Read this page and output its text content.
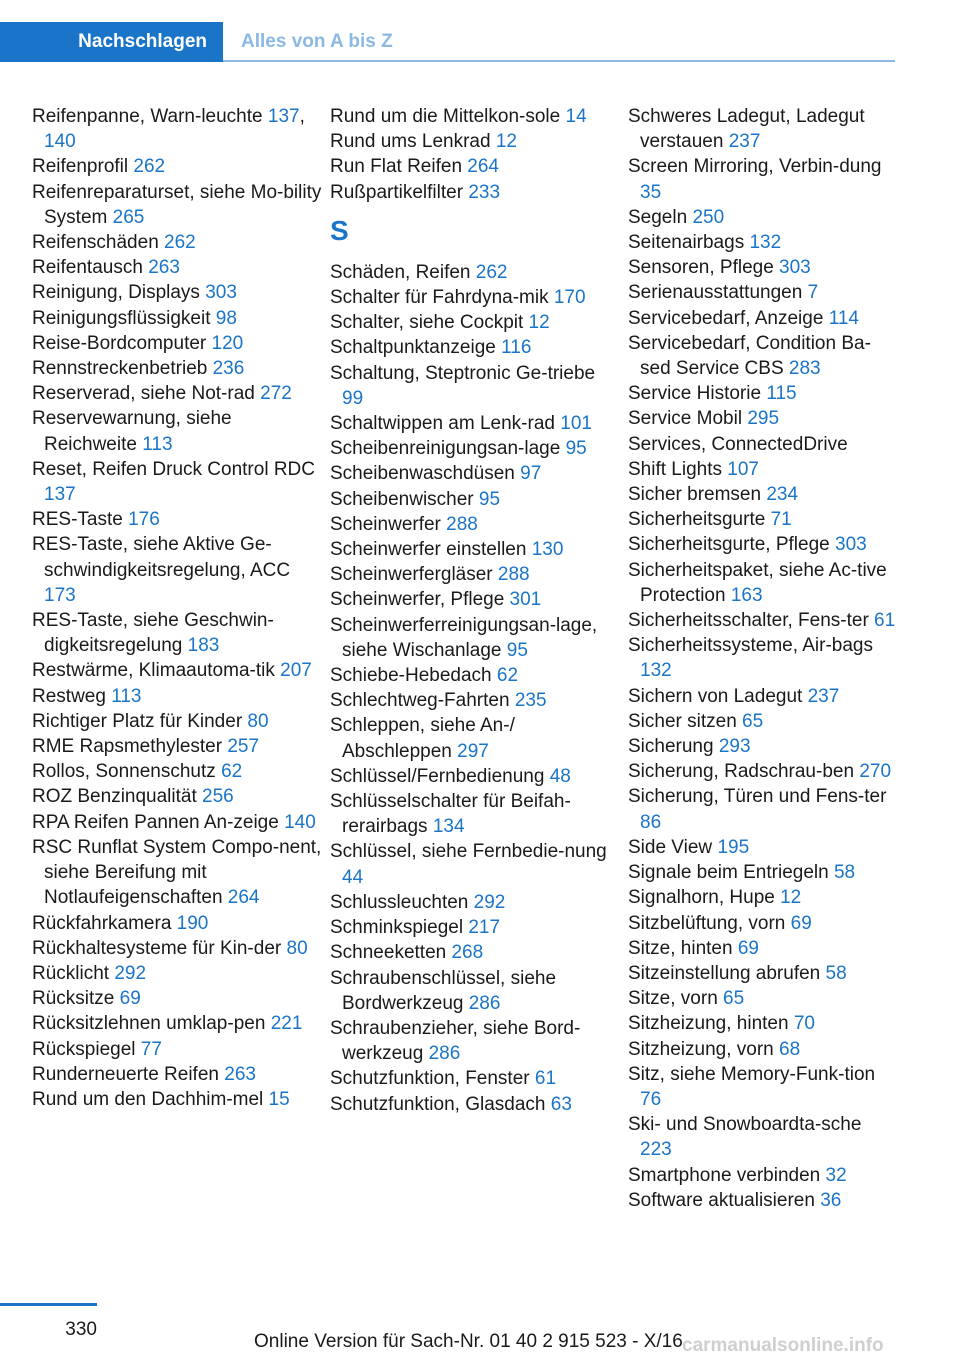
Nachschlagen	Alles von A bis Z
Reifenpanne, Warn-leuchte 137, 140
Reifenprofil 262
Reifenreparaturset, siehe Mo-bility System 265
Reifenschäden 262
Reifentausch 263
Reinigung, Displays 303
Reinigungsflüssigkeit 98
Reise-Bordcomputer 120
Rennstreckenbetrieb 236
Reserverad, siehe Not-rad 272
Reservewarnung, siehe Reichweite 113
Reset, Reifen Druck Control RDC 137
RES-Taste 176
RES-Taste, siehe Aktive Ge-schwindigkeitsregelung, ACC 173
RES-Taste, siehe Geschwin-digkeitsregelung 183
Restwärme, Klimaautoma-tik 207
Restweg 113
Richtiger Platz für Kinder 80
RME Rapsmethylester 257
Rollos, Sonnenschutz 62
ROZ Benzinqualität 256
RPA Reifen Pannen An-zeige 140
RSC Runflat System Compo-nent, siehe Bereifung mit Notlaufeigenschaften 264
Rückfahrkamera 190
Rückhaltesysteme für Kin-der 80
Rücklicht 292
Rücksitze 69
Rücksitzlehnen umklap-pen 221
Rückspiegel 77
Runderneuerte Reifen 263
Rund um den Dachhim-mel 15
Rund um die Mittelkon-sole 14
Rund ums Lenkrad 12
Run Flat Reifen 264
Rußpartikelfilter 233
S
Schäden, Reifen 262
Schalter für Fahrdyna-mik 170
Schalter, siehe Cockpit 12
Schaltpunktanzeige 116
Schaltung, Steptronic Ge-triebe 99
Schaltwippen am Lenk-rad 101
Scheibenreinigungsan-lage 95
Scheibenwaschdüsen 97
Scheibenwischer 95
Scheinwerfer 288
Scheinwerfer einstellen 130
Scheinwerfergläser 288
Scheinwerfer, Pflege 301
Scheinwerferreinigungsan-lage, siehe Wischanlage 95
Schiebe-Hebedach 62
Schlechtweg-Fahrten 235
Schleppen, siehe An-/ Abschleppen 297
Schlüssel/Fernbedienung 48
Schlüsselschalter für Beifah-rerairbags 134
Schlüssel, siehe Fernbedie-nung 44
Schlussleuchten 292
Schminkspiegel 217
Schneeketten 268
Schraubenschlüssel, siehe Bordwerkzeug 286
Schraubenzieher, siehe Bord-werkzeug 286
Schutzfunktion, Fenster 61
Schutzfunktion, Glasdach 63
Schweres Ladegut, Ladegut verstauen 237
Screen Mirroring, Verbin-dung 35
Segeln 250
Seitenairbags 132
Sensoren, Pflege 303
Serienausstattungen 7
Servicebedarf, Anzeige 114
Servicebedarf, Condition Ba-sed Service CBS 283
Service Historie 115
Service Mobil 295
Services, ConnectedDrive
Shift Lights 107
Sicher bremsen 234
Sicherheitsgurte 71
Sicherheitsgurte, Pflege 303
Sicherheitspaket, siehe Ac-tive Protection 163
Sicherheitsschalter, Fens-ter 61
Sicherheitssysteme, Air-bags 132
Sichern von Ladegut 237
Sicher sitzen 65
Sicherung 293
Sicherung, Radschrau-ben 270
Sicherung, Türen und Fens-ter 86
Side View 195
Signale beim Entriegeln 58
Signalhorn, Hupe 12
Sitzbelüftung, vorn 69
Sitze, hinten 69
Sitzeinstellung abrufen 58
Sitze, vorn 65
Sitzheizung, hinten 70
Sitzheizung, vorn 68
Sitz, siehe Memory-Funk-tion 76
Ski- und Snowboardta-sche 223
Smartphone verbinden 32
Software aktualisieren 36
330
Online Version für Sach-Nr. 01 40 2 915 523 - X/16 carmanualsonline.info
